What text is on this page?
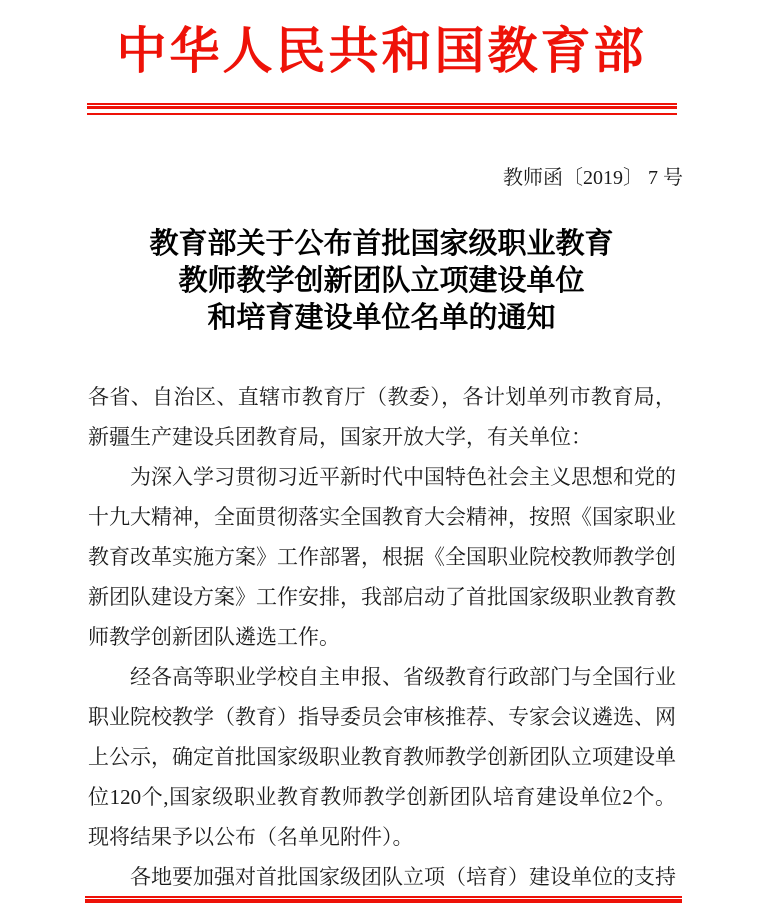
中华人民共和国教育部
教师函〔2019〕 7 号
教育部关于公布首批国家级职业教育
教师教学创新团队立项建设单位
和培育建设单位名单的通知

各省、自治区、直辖市教育厅（教委），各计划单列市教育局，新疆生产建设兵团教育局，国家开放大学，有关单位：

为深入学习贯彻习近平新时代中国特色社会主义思想和党的十九大精神，全面贯彻落实全国教育大会精神，按照《国家职业教育改革实施方案》工作部署，根据《全国职业院校教师教学创新团队建设方案》工作安排，我部启动了首批国家级职业教育教师教学创新团队遴选工作。

经各高等职业学校自主申报、省级教育行政部门与全国行业职业院校教学（教育）指导委员会审核推荐、专家会议遴选、网上公示，确定首批国家级职业教育教师教学创新团队立项建设单位120个,国家级职业教育教师教学创新团队培育建设单位2个。现将结果予以公布（名单见附件）。

各地要加强对首批国家级团队立项（培育）建设单位的支持
